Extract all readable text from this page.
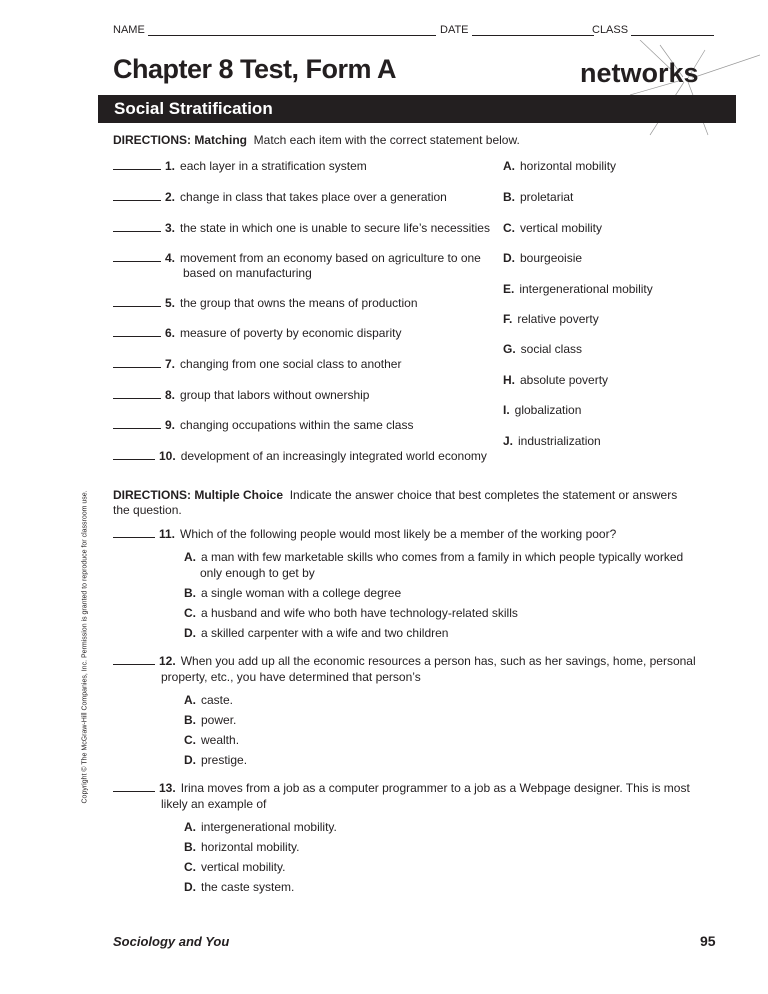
NAME	DATE	CLASS
Chapter 8 Test, Form A	networks
Social Stratification
DIRECTIONS: Matching Match each item with the correct statement below.
DIRECTIONS: Multiple Choice Indicate the answer choice that best completes the statement or answers
the question.
Copyright © The McGraw-Hill Companies, Inc. Permission is granted to reproduce for classroom use.
Sociology and You	95
1. each layer in a stratification system
2. change in class that takes place over a generation
3. the state in which one is unable to secure life’s necessities
4. movement from an economy based on agriculture to one
based on manufacturing
5. the group that owns the means of production
6. measure of poverty by economic disparity
7. changing from one social class to another
8. group that labors without ownership
9. changing occupations within the same class
10. development of an increasingly integrated world economy
A. horizontal mobility
B. proletariat
C. vertical mobility
D. bourgeoisie
E. intergenerational mobility
F. relative poverty
G. social class
H. absolute poverty
I. globalization
J. industrialization
11. Which of the following people would most likely be a member of the working poor?
A. a man with few marketable skills who comes from a family in which people typically worked
only enough to get by
B. a single woman with a college degree
C. a husband and wife who both have technology-related skills
D. a skilled carpenter with a wife and two children
12. When you add up all the economic resources a person has, such as her savings, home, personal
property, etc., you have determined that person’s
A. caste.
B. power.
C. wealth.
D. prestige.
13. Irina moves from a job as a computer programmer to a job as a Webpage designer. This is most
likely an example of
A. intergenerational mobility.
B. horizontal mobility.
C. vertical mobility.
D. the caste system.
